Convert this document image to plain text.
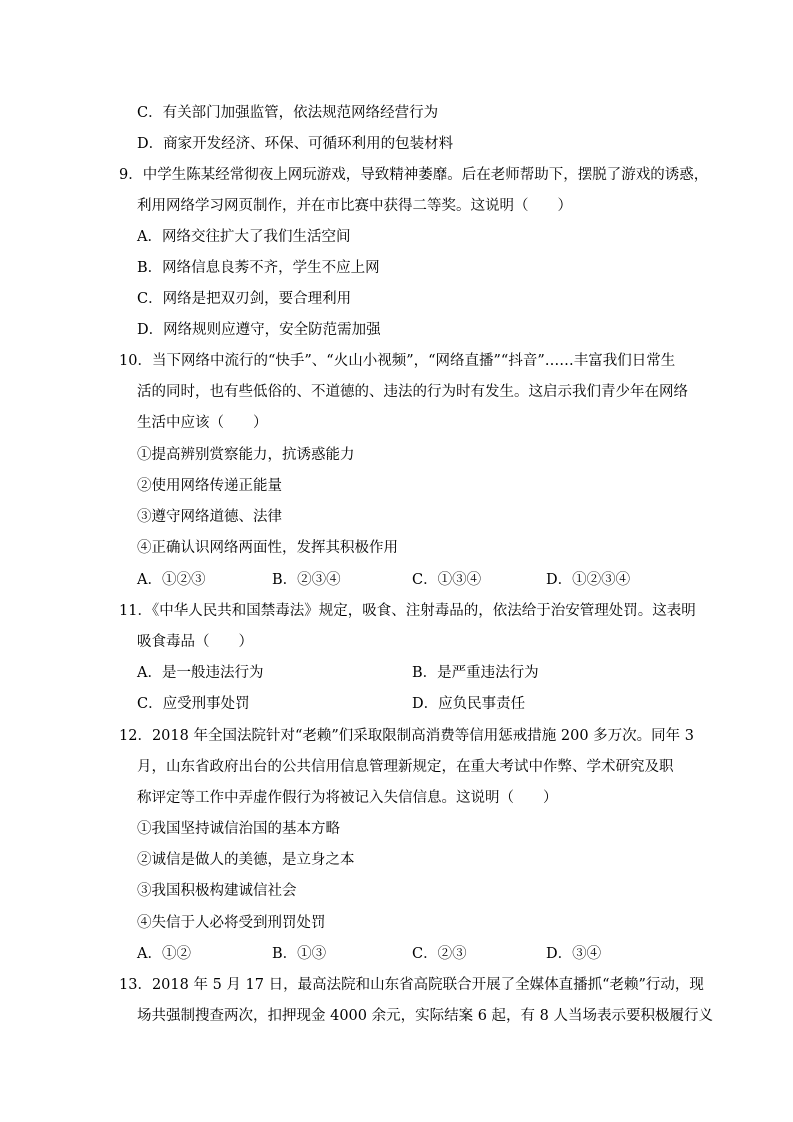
C．有关部门加强监管，依法规范网络经营行为
D．商家开发经济、环保、可循环利用的包装材料
9．中学生陈某经常彻夜上网玩游戏，导致精神萎靡。后在老师帮助下，摆脱了游戏的诱惑，
利用网络学习网页制作，并在市比赛中获得二等奖。这说明（　　）
A．网络交往扩大了我们生活空间
B．网络信息良莠不齐，学生不应上网
C．网络是把双刃剑，要合理利用
D．网络规则应遵守，安全防范需加强
10．当下网络中流行的“快手”、“火山小视频”，“网络直播”“抖音”……丰富我们日常生
活的同时，也有些低俗的、不道德的、违法的行为时有发生。这启示我们青少年在网络
生活中应该（　　）
①提高辨别赏察能力，抗诱惑能力
②使用网络传递正能量
③遵守网络道德、法律
④正确认识网络两面性，发挥其积极作用
A．①②③	B．②③④	C．①③④	D．①②③④
11．《中华人民共和国禁毒法》规定，吸食、注射毒品的，依法给于治安管理处罚。这表明
吸食毒品（　　）
A．是一般违法行为	B．是严重违法行为
C．应受刑事处罚	D．应负民事责任
12．2018 年全国法院针对“老赖”们采取限制高消费等信用惩戒措施 200 多万次。同年 3
月，山东省政府出台的公共信用信息管理新规定，在重大考试中作弊、学术研究及职
称评定等工作中弄虚作假行为将被记入失信信息。这说明（　　）
①我国坚持诚信治国的基本方略
②诚信是做人的美德，是立身之本
③我国积极构建诚信社会
④失信于人必将受到刑罚处罚
A．①②	B．①③	C．②③	D．③④
13．2018 年 5 月 17 日，最高法院和山东省高院联合开展了全媒体直播抓“老赖”行动，现
场共强制搜查两次，扣押现金 4000 余元，实际结案 6 起，有 8 人当场表示要积极履行义
